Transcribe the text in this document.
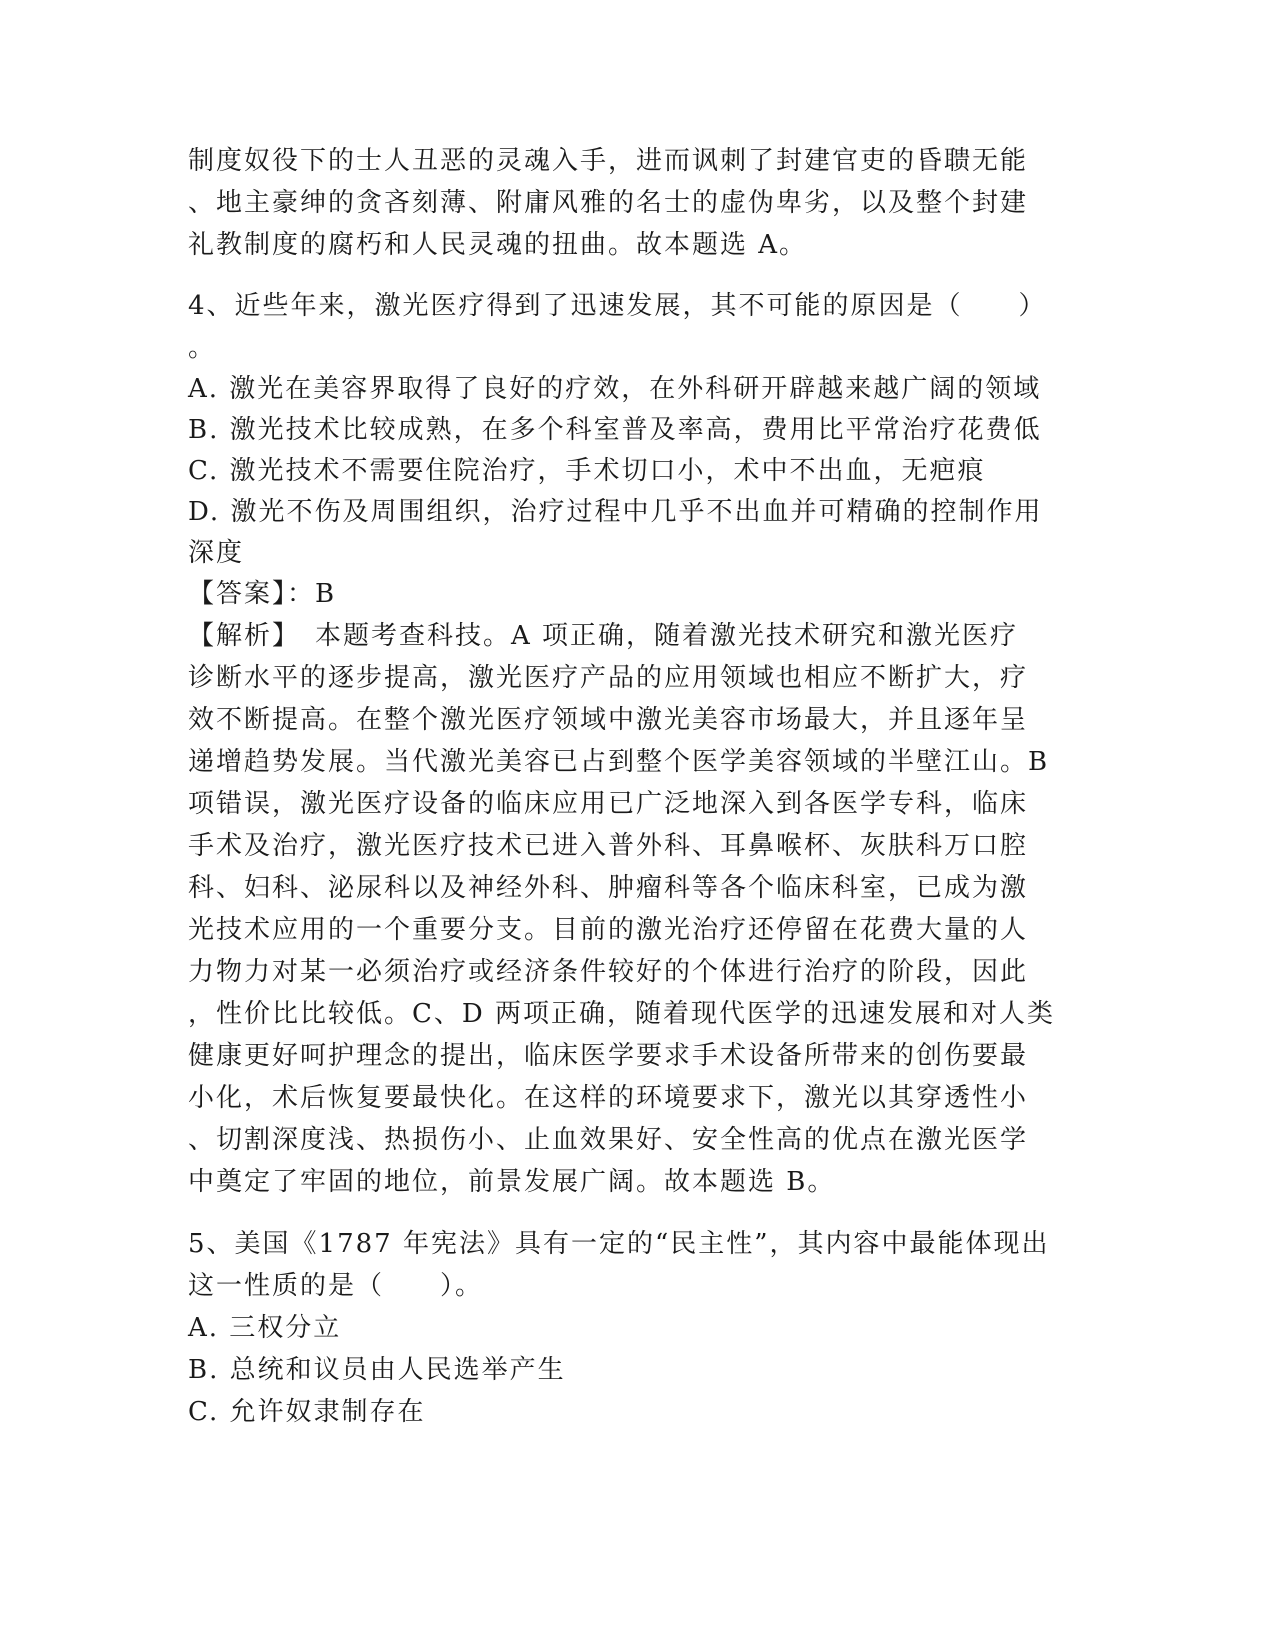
制度奴役下的士人丑恶的灵魂入手，进而讽刺了封建官吏的昏聩无能
、地主豪绅的贪吝刻薄、附庸风雅的名士的虚伪卑劣，以及整个封建
礼教制度的腐朽和人民灵魂的扭曲。故本题选 A。
4、近些年来，激光医疗得到了迅速发展，其不可能的原因是（　　）
。
A. 激光在美容界取得了良好的疗效，在外科研开辟越来越广阔的领域
B. 激光技术比较成熟，在多个科室普及率高，费用比平常治疗花费低
C. 激光技术不需要住院治疗，手术切口小，术中不出血，无疤痕
D. 激光不伤及周围组织，治疗过程中几乎不出血并可精确的控制作用
深度
【答案】：B
【解析】　本题考查科技。A 项正确，随着激光技术研究和激光医疗
诊断水平的逐步提高，激光医疗产品的应用领域也相应不断扩大，疗
效不断提高。在整个激光医疗领域中激光美容市场最大，并且逐年呈
递增趋势发展。当代激光美容已占到整个医学美容领域的半壁江山。B
项错误，激光医疗设备的临床应用已广泛地深入到各医学专科，临床
手术及治疗，激光医疗技术已进入普外科、耳鼻喉杯、灰肤科万口腔
科、妇科、泌尿科以及神经外科、肿瘤科等各个临床科室，已成为激
光技术应用的一个重要分支。目前的激光治疗还停留在花费大量的人
力物力对某一必须治疗或经济条件较好的个体进行治疗的阶段，因此
，性价比比较低。C、D 两项正确，随着现代医学的迅速发展和对人类
健康更好呵护理念的提出，临床医学要求手术设备所带来的创伤要最
小化，术后恢复要最快化。在这样的环境要求下，激光以其穿透性小
、切割深度浅、热损伤小、止血效果好、安全性高的优点在激光医学
中奠定了牢固的地位，前景发展广阔。故本题选 B。
5、美国《1787 年宪法》具有一定的“民主性”，其内容中最能体现出
这一性质的是（　　）。
A. 三权分立
B. 总统和议员由人民选举产生
C. 允许奴隶制存在
